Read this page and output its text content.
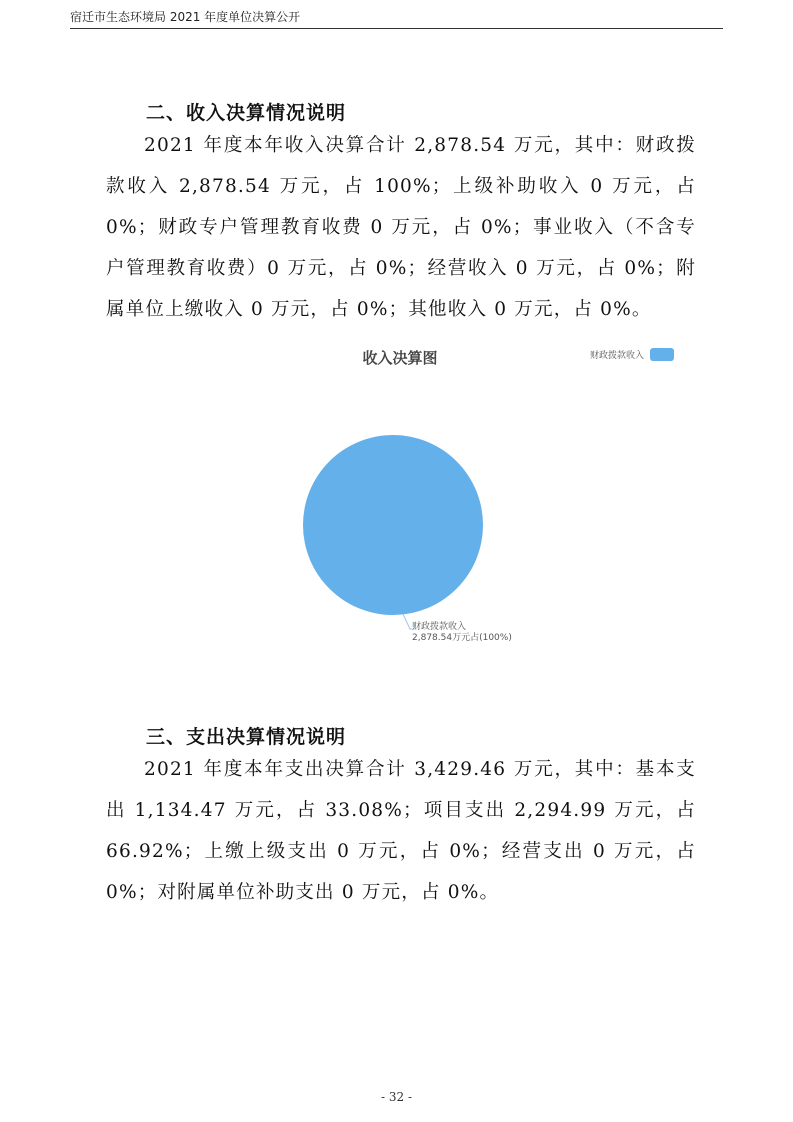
宿迁市生态环境局 2021 年度单位决算公开
二、收入决算情况说明

2021 年度本年收入决算合计 2,878.54 万元，其中：财政拨款收入 2,878.54 万元，占 100%；上级补助收入 0 万元，占 0%；财政专户管理教育收费 0 万元，占 0%；事业收入（不含专户管理教育收费）0 万元，占 0%；经营收入 0 万元，占 0%；附属单位上缴收入 0 万元，占 0%；其他收入 0 万元，占 0%。

收入决算图	财政拨款收入
财政拨款收入
2,878.54万元占(100%)
三、支出决算情况说明

2021 年度本年支出决算合计 3,429.46 万元，其中：基本支出 1,134.47 万元，占 33.08%；项目支出 2,294.99 万元，占 66.92%；上缴上级支出 0 万元，占 0%；经营支出 0 万元，占 0%；对附属单位补助支出 0 万元，占 0%。

- 32 -
